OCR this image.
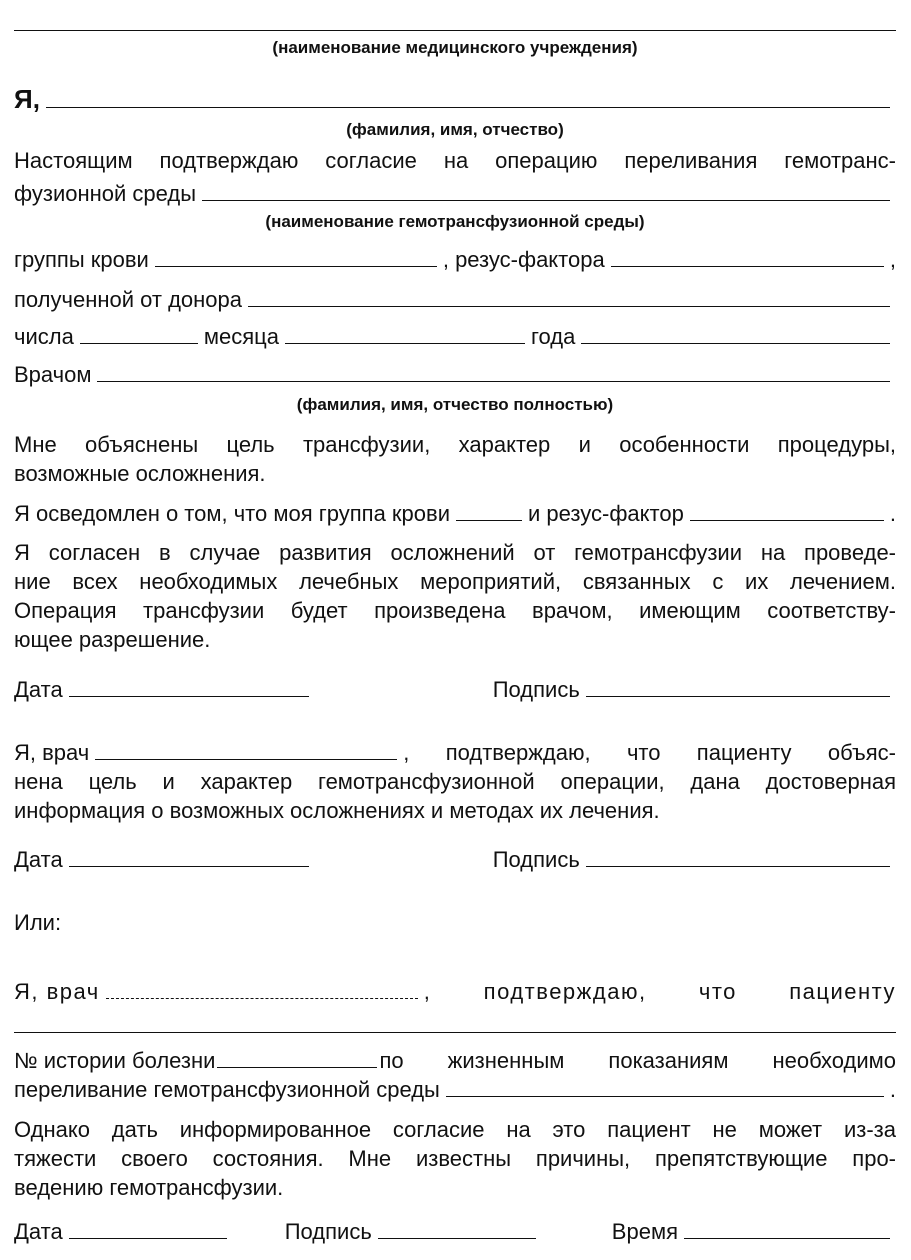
(наименование медицинского учреждения)
Я,
(фамилия, имя, отчество)
Настоящим подтверждаю согласие на операцию переливания гемотранс-
фузионной среды
(наименование гемотрансфузионной среды)
группы крови	, резус-фактора	,
полученной от донора
числа	месяца	года
Врачом
(фамилия, имя, отчество полностью)
Мне объяснены цель трансфузии, характер и особенности процедуры,
возможные осложнения.
Я осведомлен о том, что моя группа крови	и резус-фактор	.
Я согласен в случае развития осложнений от гемотрансфузии на проведе-
ние всех необходимых лечебных мероприятий, связанных с их лечением.
Операция трансфузии будет произведена врачом, имеющим соответству-
ющее разрешение.
Дата	Подпись
Я, врач	, подтверждаю, что пациенту объяс-
нена цель и характер гемотрансфузионной операции, дана достоверная
информация о возможных осложнениях и методах их лечения.
Дата	Подпись
Или:
Я, врач	, подтверждаю, что пациенту
№ истории болезни	по жизненным показаниям необходимо
переливание гемотрансфузионной среды	.
Однако дать информированное согласие на это пациент не может из-за
тяжести своего состояния. Мне известны причины, препятствующие про-
ведению гемотрансфузии.
Дата	Подпись	Время
